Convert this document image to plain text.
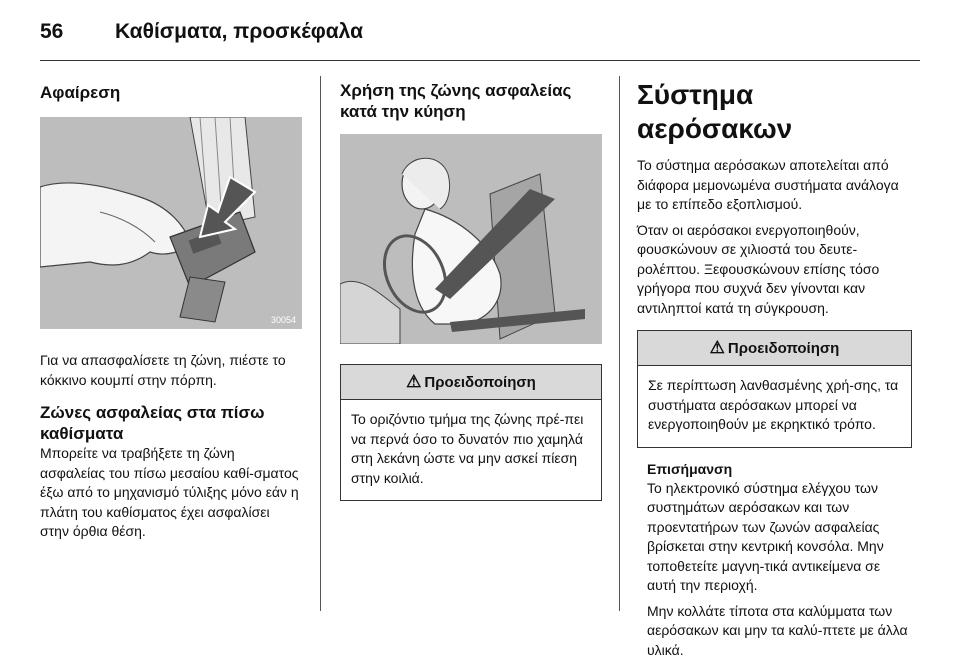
56 Καθίσματα, προσκέφαλα
Αφαίρεση
30054

Για να απασφαλίσετε τη ζώνη, πιέστε το κόκκινο κουμπί στην πόρπη.

Ζώνες ασφαλείας στα πίσω καθίσματα

Μπορείτε να τραβήξετε τη ζώνη ασφαλείας του πίσω μεσαίου καθί-σματος έξω από το μηχανισμό τύλιξης μόνο εάν η πλάτη του καθίσματος έχει ασφαλίσει στην όρθια θέση.

Χρήση της ζώνης ασφαλείας κατά την κύηση
⚠ Προειδοποίηση

Το οριζόντιο τμήμα της ζώνης πρέ-πει να περνά όσο το δυνατόν πιο χαμηλά στη λεκάνη ώστε να μην ασκεί πίεση στην κοιλιά.

Σύστημα αερόσακων

Το σύστημα αερόσακων αποτελείται από διάφορα μεμονωμένα συστήματα ανάλογα με το επίπεδο εξοπλισμού.

Όταν οι αερόσακοι ενεργοποιηθούν, φουσκώνουν σε χιλιοστά του δευτε-ρολέπτου. Ξεφουσκώνουν επίσης τόσο γρήγορα που συχνά δεν γίνονται καν αντιληπτοί κατά τη σύγκρουση.

⚠ Προειδοποίηση

Σε περίπτωση λανθασμένης χρή-σης, τα συστήματα αερόσακων μπορεί να ενεργοποιηθούν με εκρηκτικό τρόπο.

Επισήμανση

Το ηλεκτρονικό σύστημα ελέγχου των συστημάτων αερόσακων και των προεντατήρων των ζωνών ασφαλείας βρίσκεται στην κεντρική κονσόλα. Μην τοποθετείτε μαγνη-τικά αντικείμενα σε αυτή την περιοχή.

Μην κολλάτε τίποτα στα καλύμματα των αερόσακων και μην τα καλύ-πτετε με άλλα υλικά.
